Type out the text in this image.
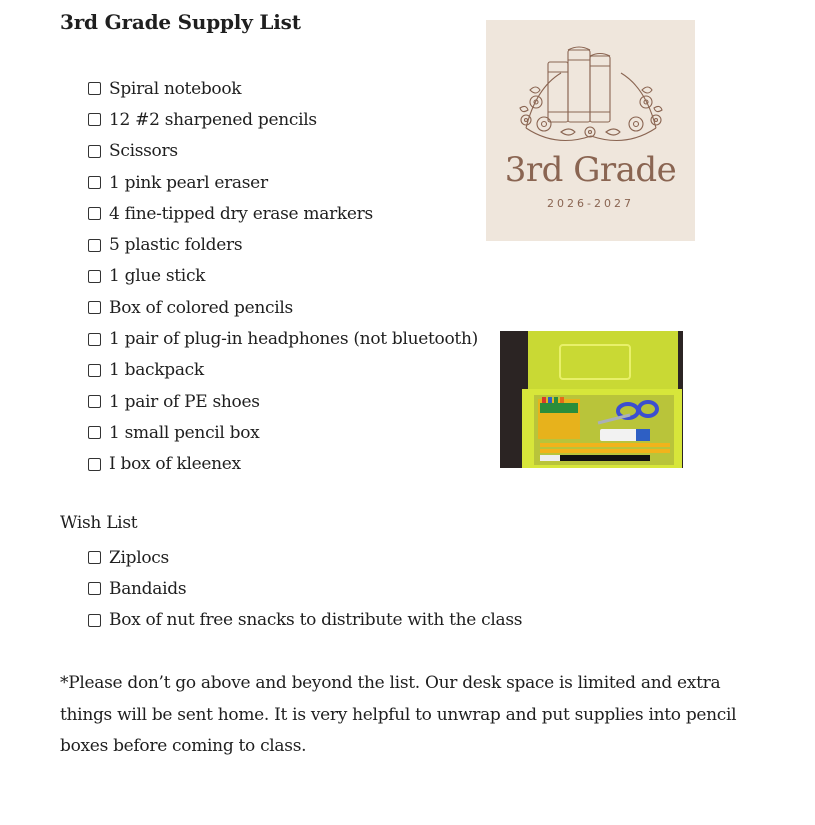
3rd Grade Supply List
Spiral notebook
12 #2 sharpened pencils
Scissors
1 pink pearl eraser
4 fine-tipped dry erase markers
5 plastic folders
1 glue stick
Box of colored pencils
1 pair of plug-in headphones (not bluetooth)
1 backpack
1 pair of PE shoes
1 small pencil box
I box of kleenex
Wish List
Ziplocs
Bandaids
Box of nut free snacks to distribute with the class
*Please don’t go above and beyond the list. Our desk space is limited and extra things will be sent home. It is very helpful to unwrap and put supplies into pencil boxes before coming to class.
3rd Grade
2026-2027
